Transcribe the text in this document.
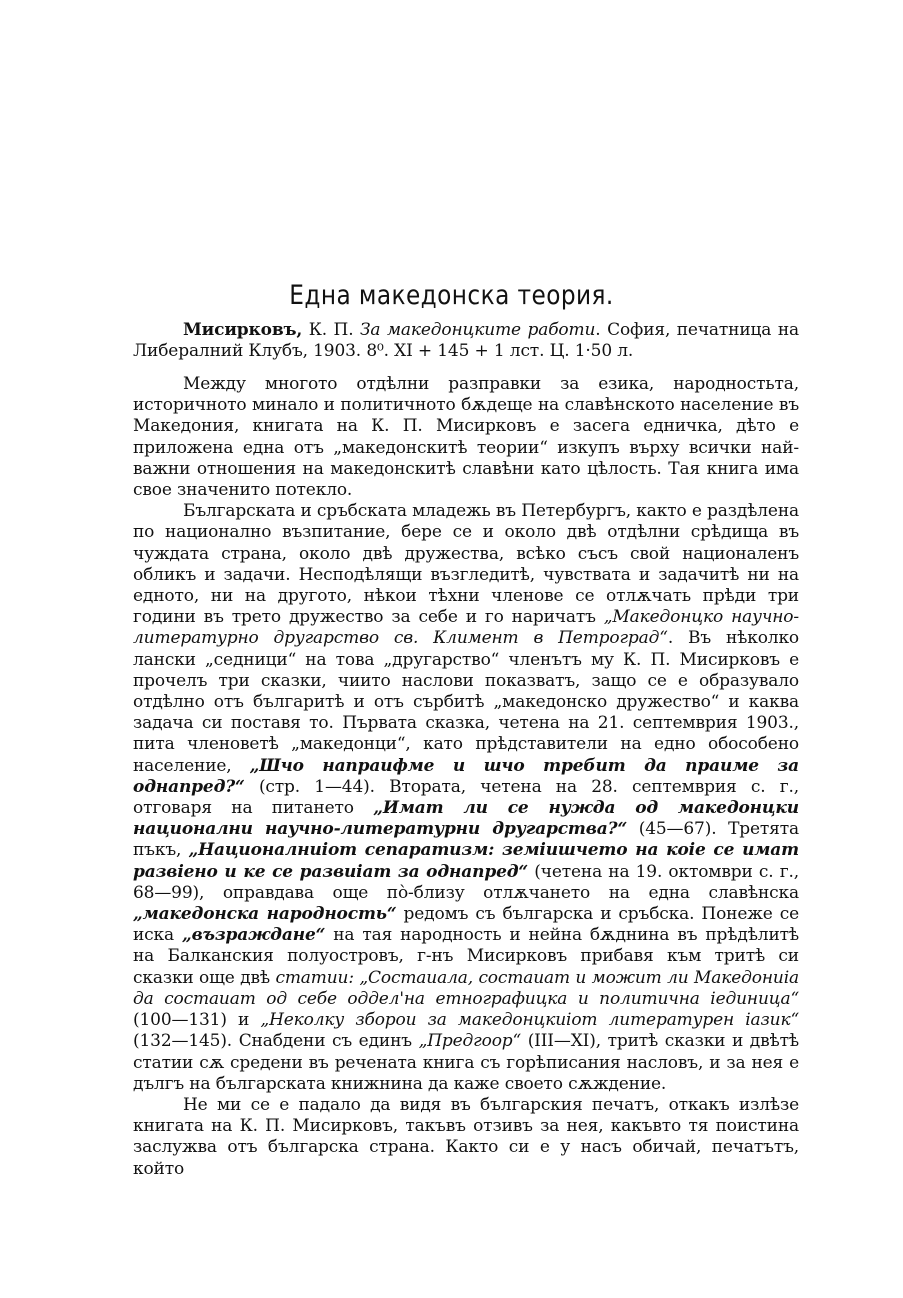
Една македонска теория.

Мисирковъ, К. П. За македонцките работи. София, печатница на Либералний Клубъ, 1903. 8⁰. XI + 145 + 1 лст. Ц. 1·50 л.

Между многото отдѣлни разправки за езика, народностьта, историчното минало и политичното бѫдеще на славѣнското население въ Македония, книгата на К. П. Мисирковъ е засега едничка, дѣто е приложена една отъ „македонскитѣ теории“ изкупъ върху всички най-важни отношения на македонскитѣ славѣни като цѣлость. Тая книга има свое значенито потекло.

Българската и сръбската младежь въ Петербургъ, както е раздѣлена по национално възпитание, бере се и около двѣ отдѣлни срѣдища въ чуждата страна, около двѣ дружества, всѣко съсъ свой националенъ обликъ и задачи. Несподѣлящи възгледитѣ, чувствата и задачитѣ ни на едното, ни на другото, нѣкои тѣхни членове се отлѫчать прѣди три години въ трето дружество за себе и го наричатъ „Македонцко научно-литературно другарство св. Климент в Петроград“. Въ нѣколко лански „седници“ на това „другарство“ членътъ му К. П. Мисирковъ е прочелъ три сказки, чиито наслови показватъ, защо се е образувало отдѣлно отъ българитѣ и отъ сърбитѣ „македонско дружество“ и каква задача си поставя то. Първата сказка, четена на 21. септемврия 1903., пита членоветѣ „македонци“, като прѣдставители на едно обособено население, „Шчо напраифме и шчо требит да праиме за однапред?“ (стр. 1—44). Втората, четена на 28. септемврия с. г., отговаря на питането „Имат ли се нужда од македонцки национални научно-литературни другарства?“ (45—67). Третята пъкъ, „Националниiот сепаратизм: земiишчето на коiе се имат развiено и ке се развиiат за однапред“ (четена на 19. октомври с. г., 68—99), оправдава още по̀-близу отлѫчането на една славѣнска „македонска народность“ редомъ съ българска и сръбска. Понеже се иска „възраждане“ на тая народность и нейна бѫднина въ прѣдѣлитѣ на Балканския полуостровъ, г-нъ Мисирковъ прибавя към тритѣ си сказки още двѣ статии: „Состаиала, состаиат и можит ли Македониiа да состаиат од себе оддел'на етнографицка и политична iединица“ (100—131) и „Неколку зборои за македонцкиiот литературен iазик“ (132—145). Снабдени съ единъ „Предгоор“ (III—XI), тритѣ сказки и двѣтѣ статии сѫ средени въ речената книга съ горѣписания насловъ, и за нея е дългъ на българската книжнина да каже своето сѫждение.

Не ми се е падало да видя въ българския печатъ, откакъ излѣзе книгата на К. П. Мисирковъ, такъвъ отзивъ за нея, какъвто тя поистина заслужва отъ българска страна. Както си е у насъ обичай, печатътъ, който
